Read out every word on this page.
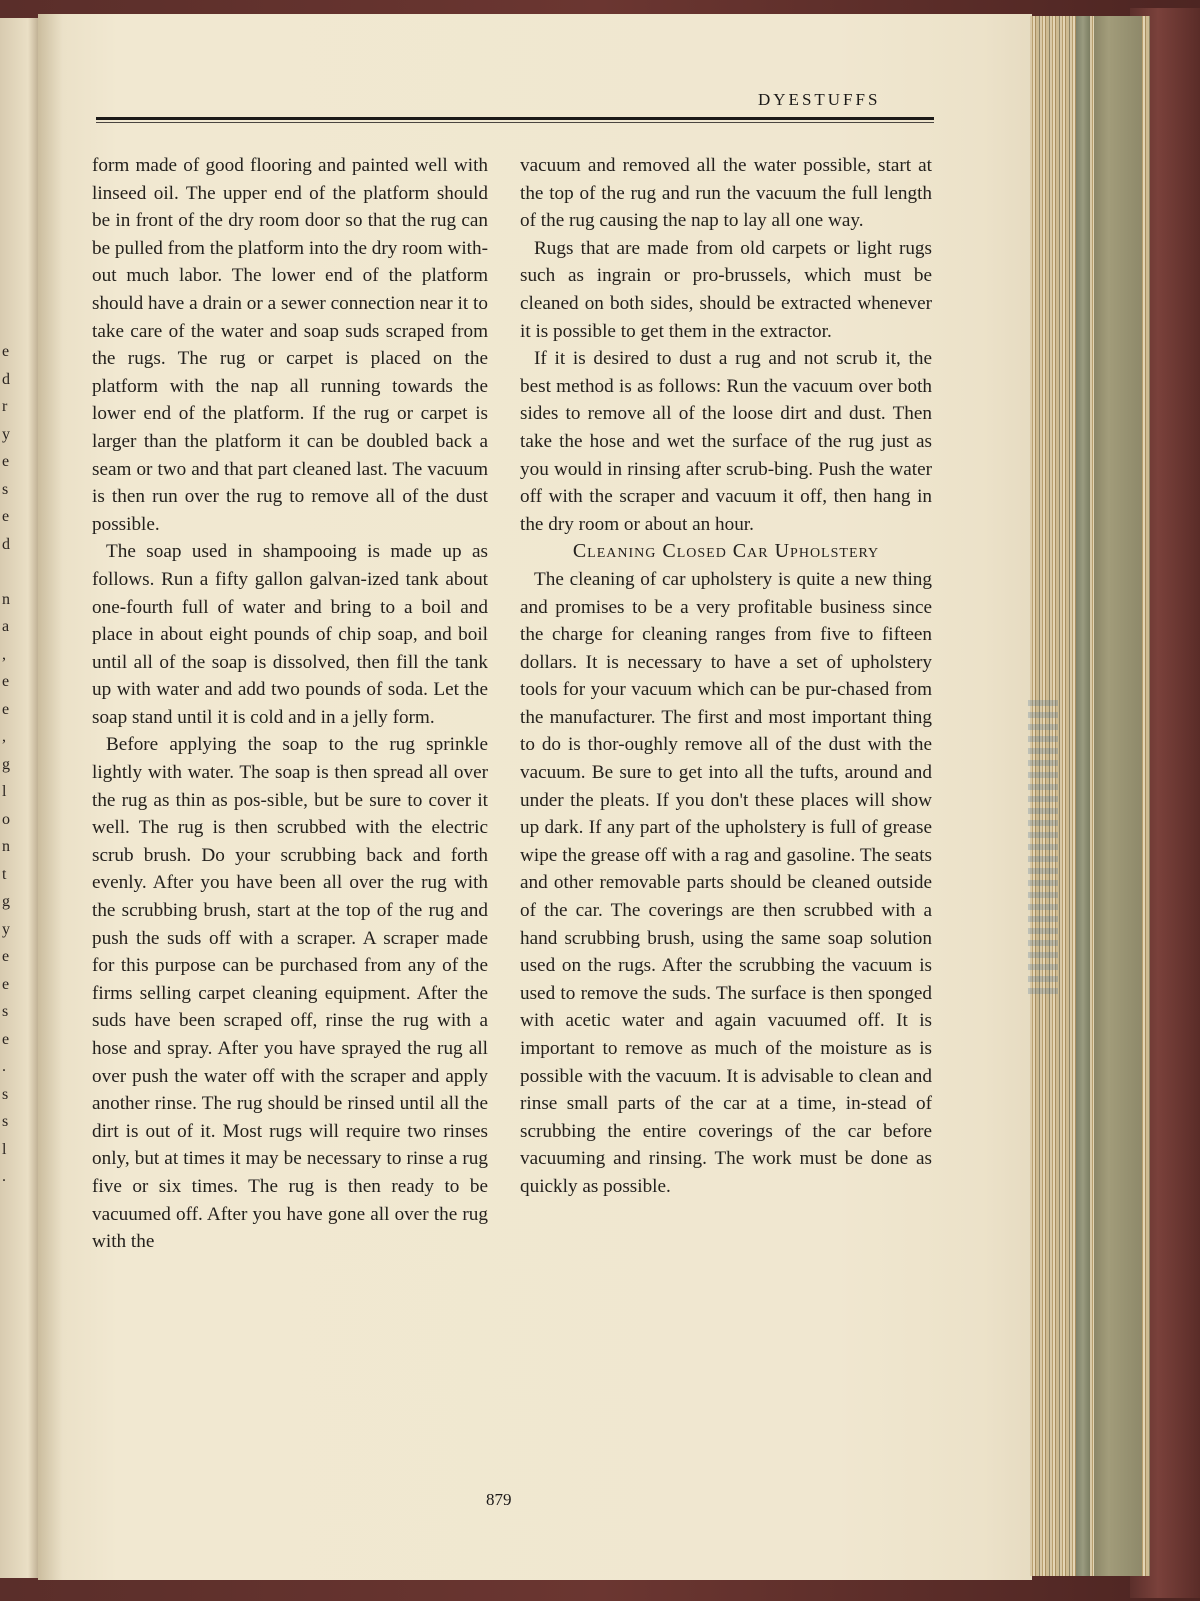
e
d
r
y
e
s
e
d

n
a
,
e
e
,
g
l
o
n
t
g
y
e
e
s
e
.
s
s
l
.
DYESTUFFS

form made of good flooring and painted well with linseed oil. The upper end of the platform should be in front of the dry room door so that the rug can be pulled from the platform into the dry room with-out much labor. The lower end of the platform should have a drain or a sewer connection near it to take care of the water and soap suds scraped from the rugs. The rug or carpet is placed on the platform with the nap all running towards the lower end of the platform. If the rug or carpet is larger than the platform it can be doubled back a seam or two and that part cleaned last. The vacuum is then run over the rug to remove all of the dust possible.

The soap used in shampooing is made up as follows. Run a fifty gallon galvan-ized tank about one-fourth full of water and bring to a boil and place in about eight pounds of chip soap, and boil until all of the soap is dissolved, then fill the tank up with water and add two pounds of soda. Let the soap stand until it is cold and in a jelly form.

Before applying the soap to the rug sprinkle lightly with water. The soap is then spread all over the rug as thin as pos-sible, but be sure to cover it well. The rug is then scrubbed with the electric scrub brush. Do your scrubbing back and forth evenly. After you have been all over the rug with the scrubbing brush, start at the top of the rug and push the suds off with a scraper. A scraper made for this purpose can be purchased from any of the firms selling carpet cleaning equipment. After the suds have been scraped off, rinse the rug with a hose and spray. After you have sprayed the rug all over push the water off with the scraper and apply another rinse. The rug should be rinsed until all the dirt is out of it. Most rugs will require two rinses only, but at times it may be necessary to rinse a rug five or six times. The rug is then ready to be vacuumed off. After you have gone all over the rug with the

vacuum and removed all the water possible, start at the top of the rug and run the vacuum the full length of the rug causing the nap to lay all one way.

Rugs that are made from old carpets or light rugs such as ingrain or pro-brussels, which must be cleaned on both sides, should be extracted whenever it is possible to get them in the extractor.

If it is desired to dust a rug and not scrub it, the best method is as follows: Run the vacuum over both sides to remove all of the loose dirt and dust. Then take the hose and wet the surface of the rug just as you would in rinsing after scrub-bing. Push the water off with the scraper and vacuum it off, then hang in the dry room or about an hour.

Cleaning Closed Car Upholstery

The cleaning of car upholstery is quite a new thing and promises to be a very profitable business since the charge for cleaning ranges from five to fifteen dollars. It is necessary to have a set of upholstery tools for your vacuum which can be pur-chased from the manufacturer. The first and most important thing to do is thor-oughly remove all of the dust with the vacuum. Be sure to get into all the tufts, around and under the pleats. If you don't these places will show up dark. If any part of the upholstery is full of grease wipe the grease off with a rag and gasoline. The seats and other removable parts should be cleaned outside of the car. The coverings are then scrubbed with a hand scrubbing brush, using the same soap solution used on the rugs. After the scrubbing the vacuum is used to remove the suds. The surface is then sponged with acetic water and again vacuumed off. It is important to remove as much of the moisture as is possible with the vacuum. It is advisable to clean and rinse small parts of the car at a time, in-stead of scrubbing the entire coverings of the car before vacuuming and rinsing. The work must be done as quickly as possible.

879
